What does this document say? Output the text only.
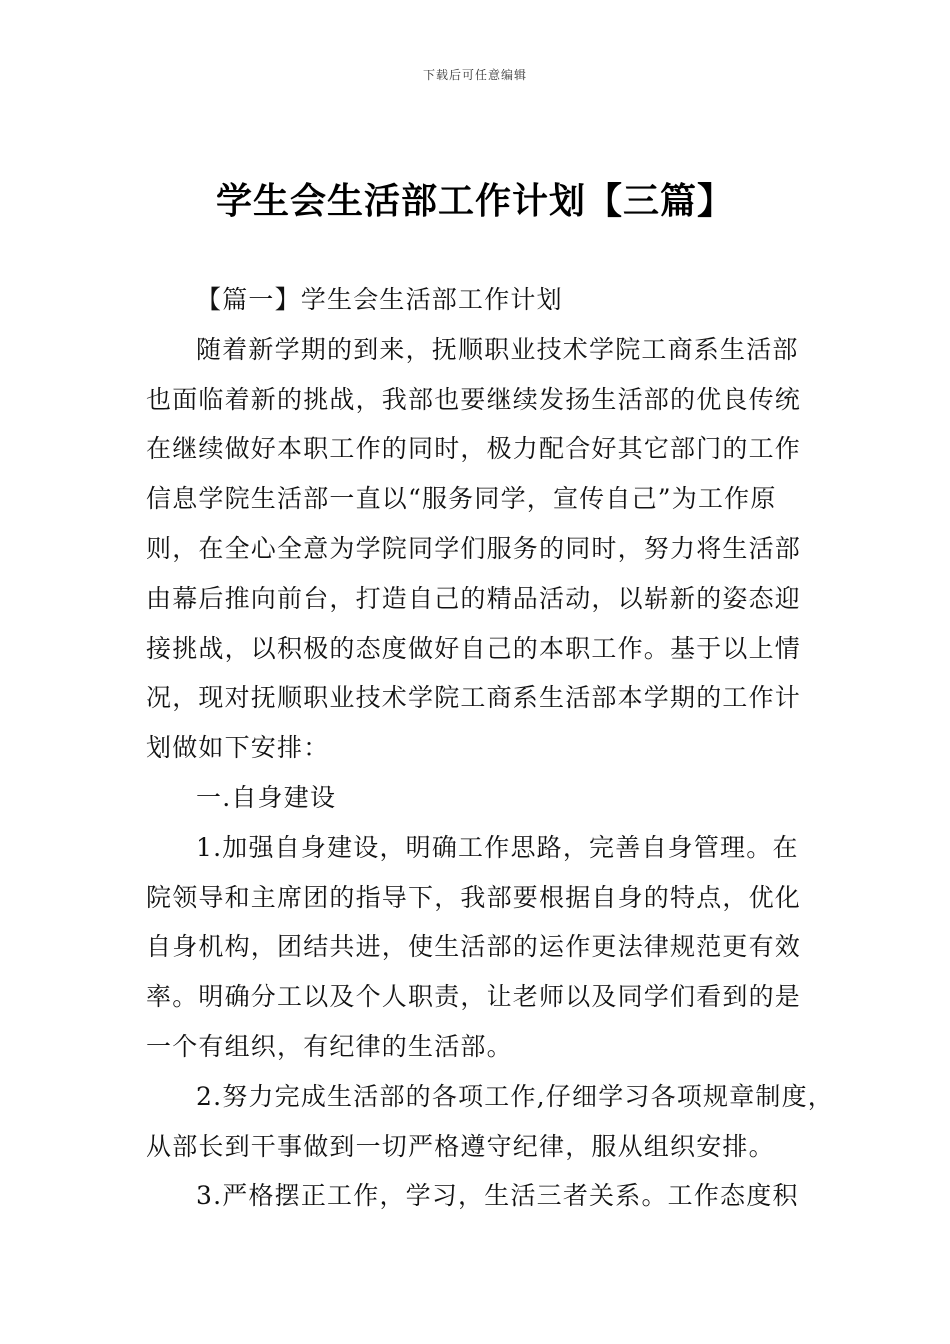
下载后可任意编辑
学生会生活部工作计划【三篇】
【篇一】学生会生活部工作计划
随着新学期的到来，抚顺职业技术学院工商系生活部
也面临着新的挑战，我部也要继续发扬生活部的优良传统
在继续做好本职工作的同时，极力配合好其它部门的工作
信息学院生活部一直以“服务同学，宣传自己”为工作原
则，在全心全意为学院同学们服务的同时，努力将生活部
由幕后推向前台，打造自己的精品活动，以崭新的姿态迎
接挑战，以积极的态度做好自己的本职工作。基于以上情
况，现对抚顺职业技术学院工商系生活部本学期的工作计
划做如下安排：
一.自身建设
1.加强自身建设，明确工作思路，完善自身管理。在
院领导和主席团的指导下，我部要根据自身的特点，优化
自身机构，团结共进，使生活部的运作更法律规范更有效
率。明确分工以及个人职责，让老师以及同学们看到的是
一个有组织，有纪律的生活部。
2.努力完成生活部的各项工作,仔细学习各项规章制度，
从部长到干事做到一切严格遵守纪律，服从组织安排。
3.严格摆正工作，学习，生活三者关系。工作态度积
